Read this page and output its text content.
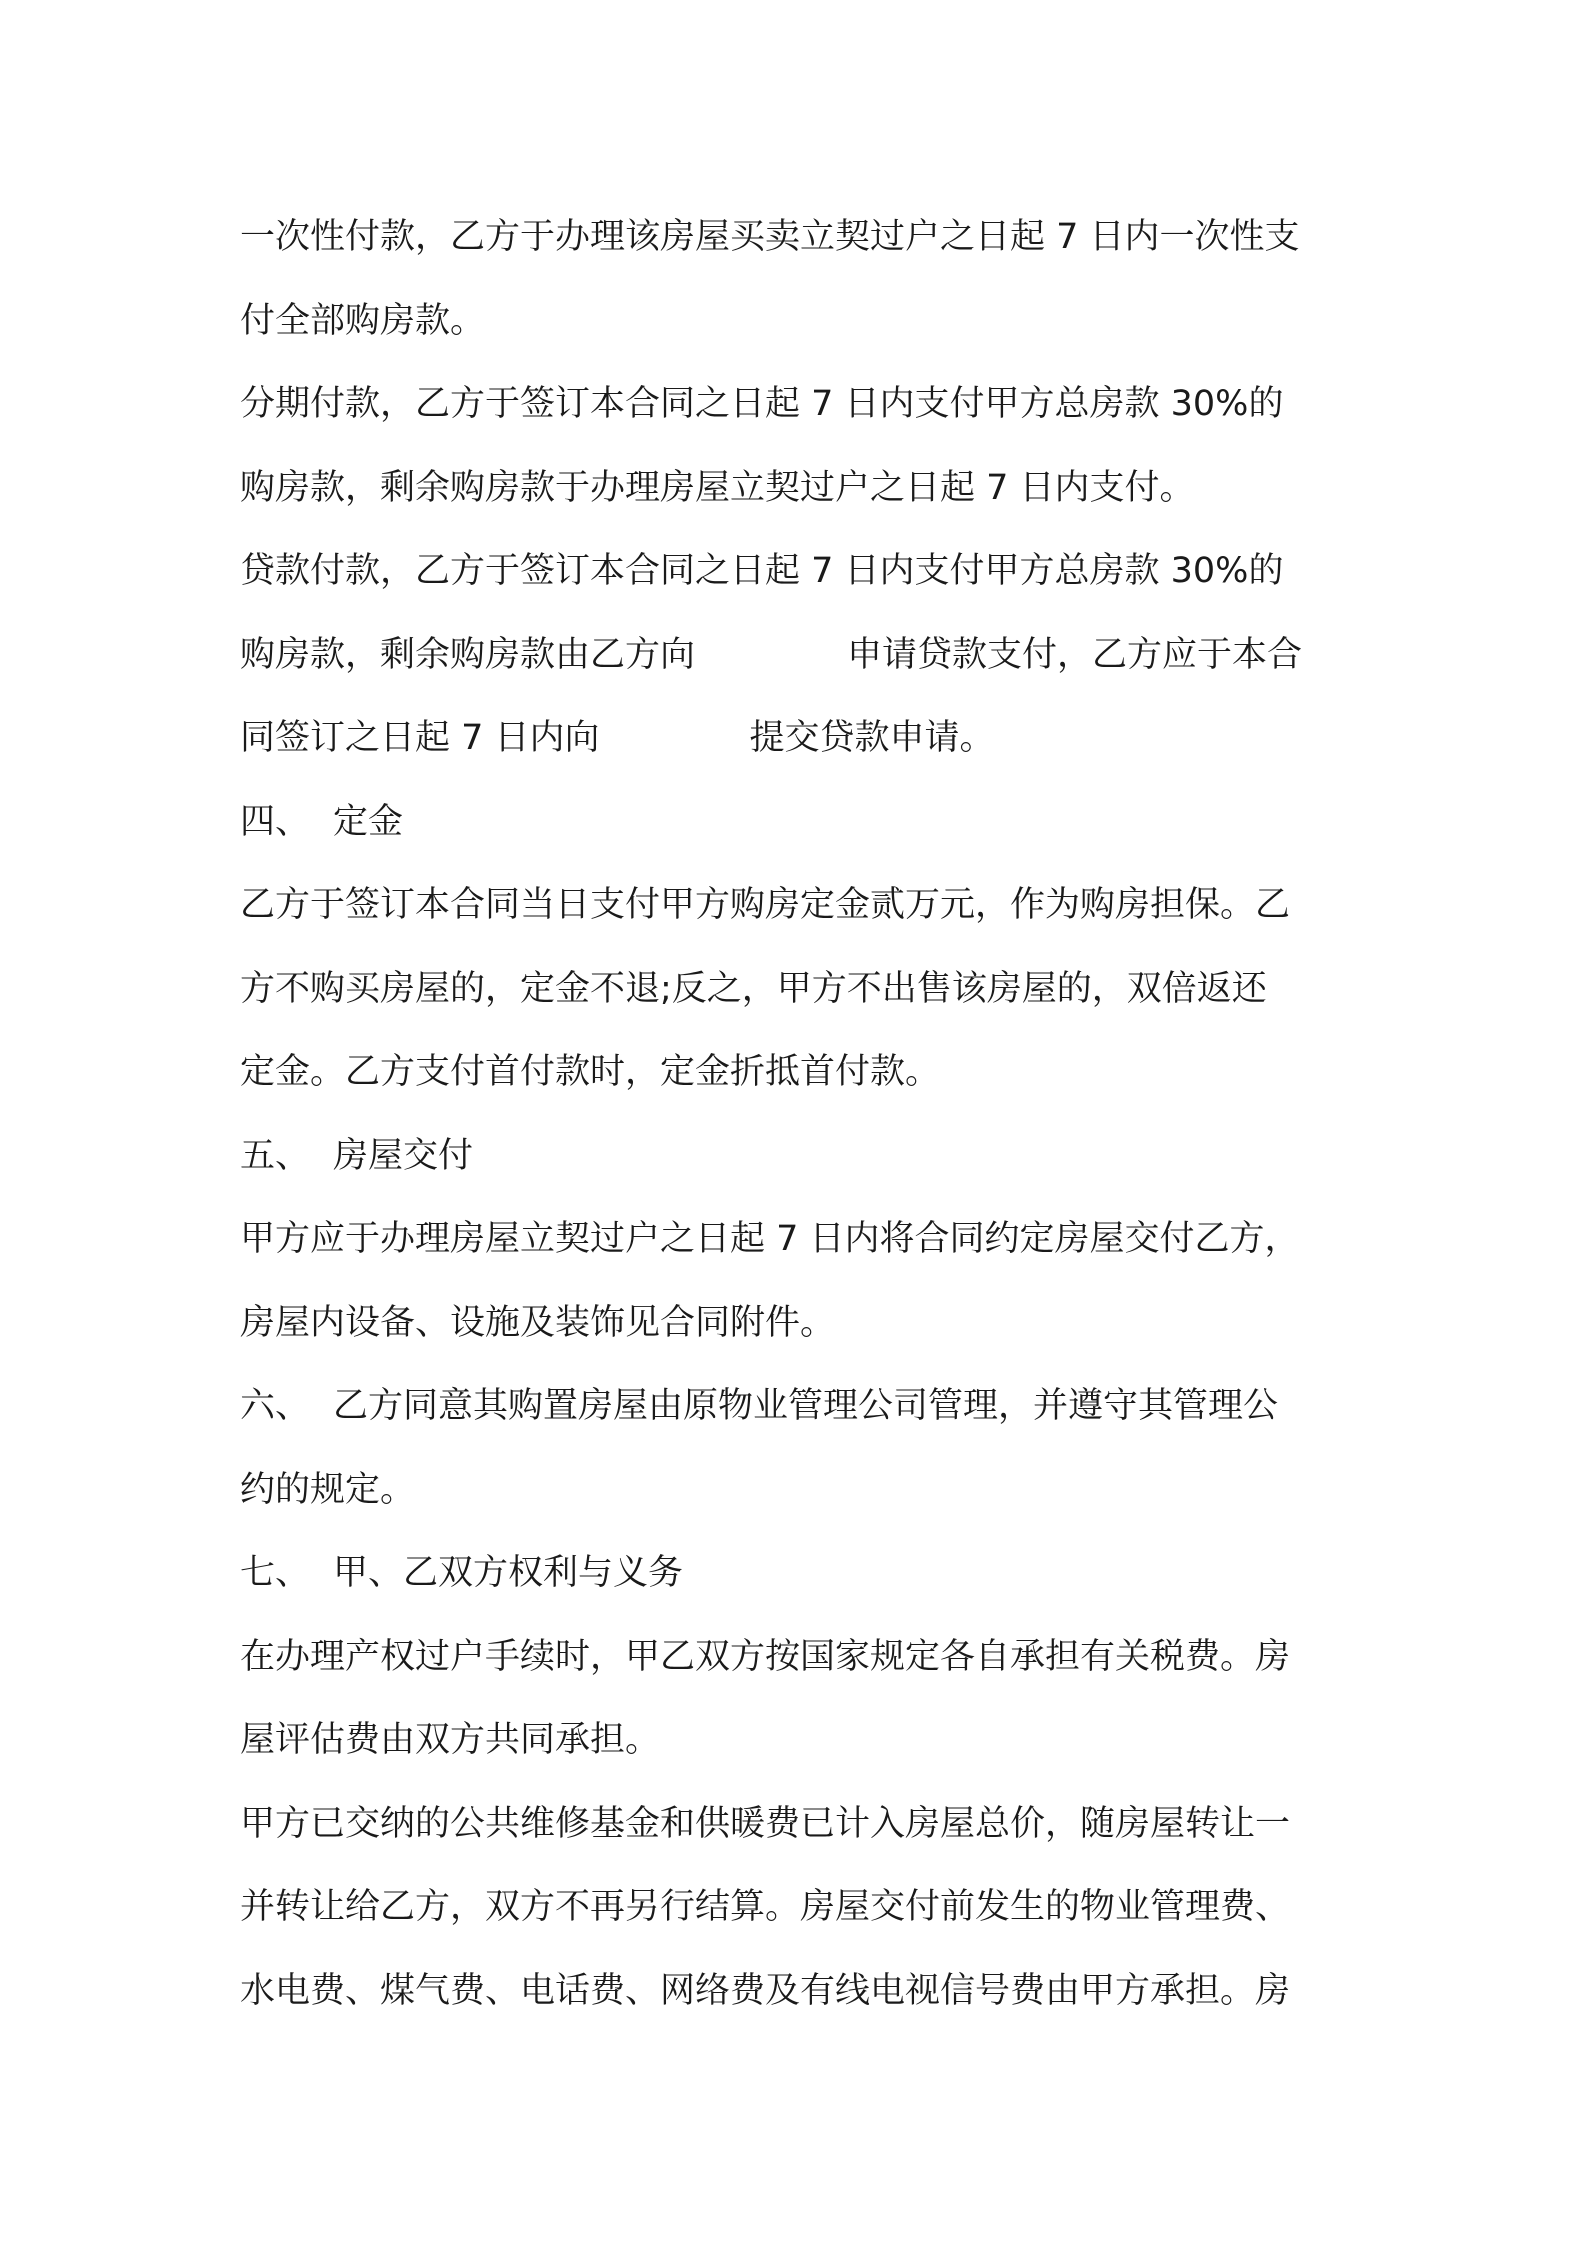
一次性付款，乙方于办理该房屋买卖立契过户之日起 7 日内一次性支
付全部购房款。
分期付款，乙方于签订本合同之日起 7 日内支付甲方总房款 30%的
购房款，剩余购房款于办理房屋立契过户之日起 7 日内支付。
贷款付款，乙方于签订本合同之日起 7 日内支付甲方总房款 30%的
购房款，剩余购房款由乙方向	申请贷款支付，乙方应于本合
同签订之日起 7 日内向	提交贷款申请。
四、 定金
乙方于签订本合同当日支付甲方购房定金贰万元，作为购房担保。乙
方不购买房屋的，定金不退;反之，甲方不出售该房屋的，双倍返还
定金。乙方支付首付款时，定金折抵首付款。
五、 房屋交付
甲方应于办理房屋立契过户之日起 7 日内将合同约定房屋交付乙方，
房屋内设备、设施及装饰见合同附件。
六、 乙方同意其购置房屋由原物业管理公司管理，并遵守其管理公
约的规定。
七、 甲、乙双方权利与义务
在办理产权过户手续时，甲乙双方按国家规定各自承担有关税费。房
屋评估费由双方共同承担。
甲方已交纳的公共维修基金和供暖费已计入房屋总价，随房屋转让一
并转让给乙方，双方不再另行结算。房屋交付前发生的物业管理费、
水电费、煤气费、电话费、网络费及有线电视信号费由甲方承担。房
